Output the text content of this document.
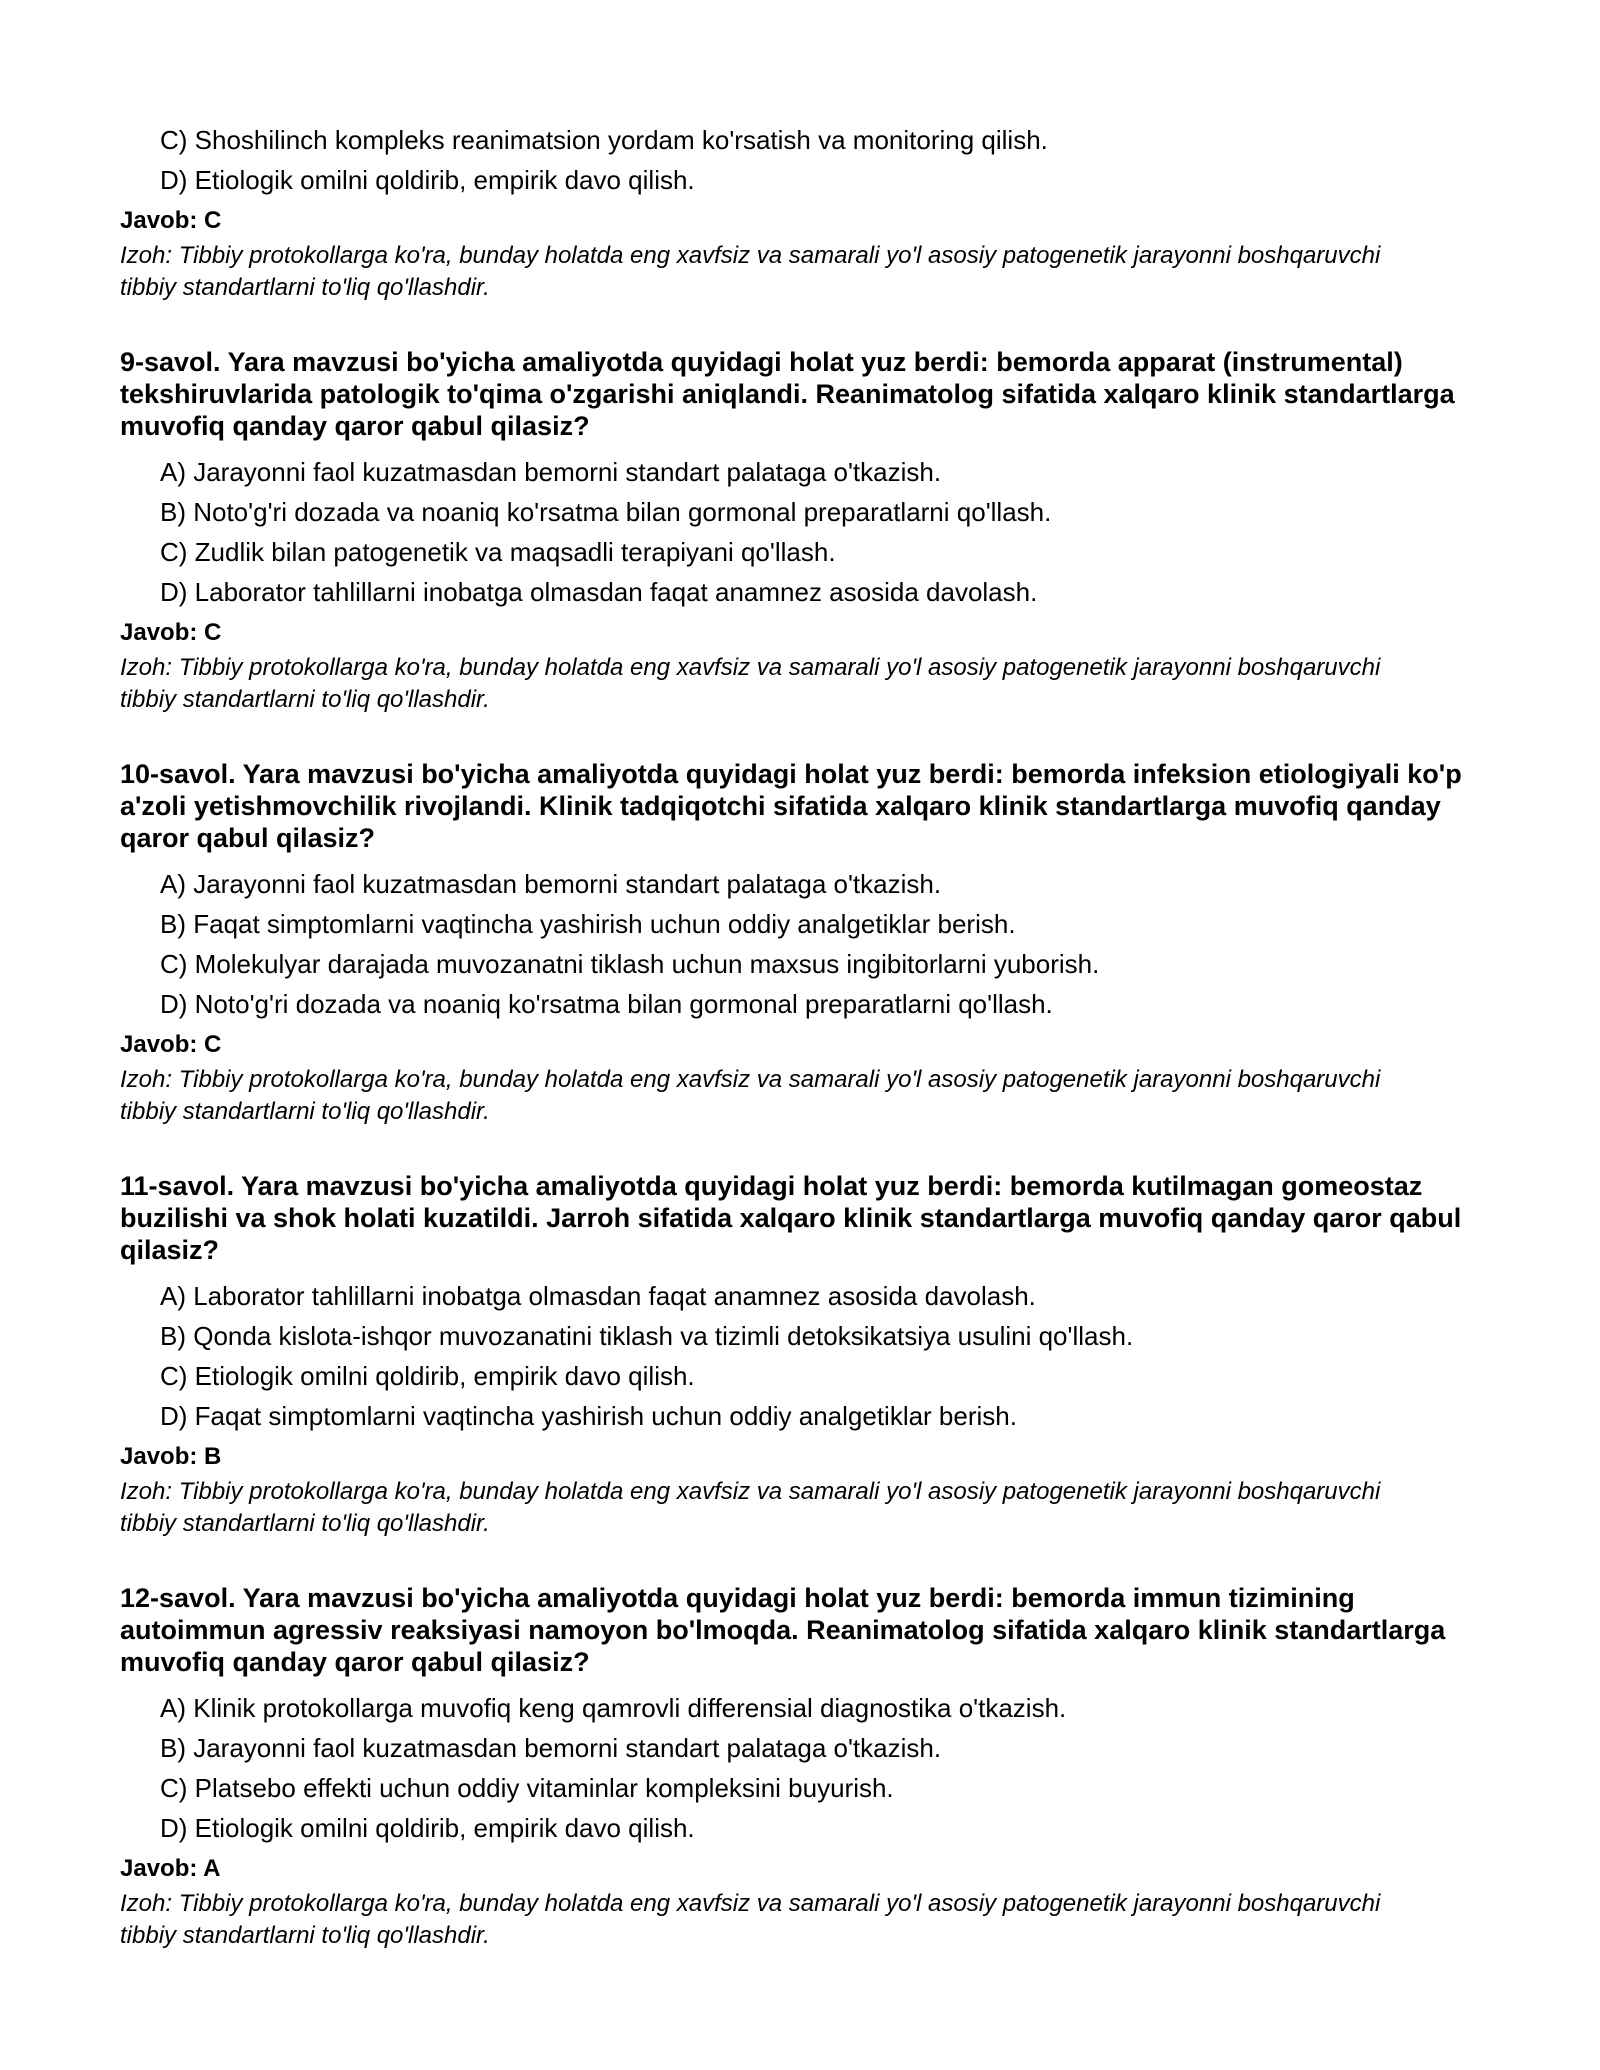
C) Shoshilinch kompleks reanimatsion yordam ko'rsatish va monitoring qilish.
D) Etiologik omilni qoldirib, empirik davo qilish.
Javob: C
Izoh: Tibbiy protokollarga ko'ra, bunday holatda eng xavfsiz va samarali yo'l asosiy patogenetik jarayonni boshqaruvchi tibbiy standartlarni to'liq qo'llashdir.
9-savol. Yara mavzusi bo'yicha amaliyotda quyidagi holat yuz berdi: bemorda apparat (instrumental) tekshiruvlarida patologik to'qima o'zgarishi aniqlandi. Reanimatolog sifatida xalqaro klinik standartlarga muvofiq qanday qaror qabul qilasiz?
A) Jarayonni faol kuzatmasdan bemorni standart palataga o'tkazish.
B) Noto'g'ri dozada va noaniq ko'rsatma bilan gormonal preparatlarni qo'llash.
C) Zudlik bilan patogenetik va maqsadli terapiyani qo'llash.
D) Laborator tahlillarni inobatga olmasdan faqat anamnez asosida davolash.
Javob: C
Izoh: Tibbiy protokollarga ko'ra, bunday holatda eng xavfsiz va samarali yo'l asosiy patogenetik jarayonni boshqaruvchi tibbiy standartlarni to'liq qo'llashdir.
10-savol. Yara mavzusi bo'yicha amaliyotda quyidagi holat yuz berdi: bemorda infeksion etiologiyali ko'p a'zoli yetishmovchilik rivojlandi. Klinik tadqiqotchi sifatida xalqaro klinik standartlarga muvofiq qanday qaror qabul qilasiz?
A) Jarayonni faol kuzatmasdan bemorni standart palataga o'tkazish.
B) Faqat simptomlarni vaqtincha yashirish uchun oddiy analgetiklar berish.
C) Molekulyar darajada muvozanatni tiklash uchun maxsus ingibitorlarni yuborish.
D) Noto'g'ri dozada va noaniq ko'rsatma bilan gormonal preparatlarni qo'llash.
Javob: C
Izoh: Tibbiy protokollarga ko'ra, bunday holatda eng xavfsiz va samarali yo'l asosiy patogenetik jarayonni boshqaruvchi tibbiy standartlarni to'liq qo'llashdir.
11-savol. Yara mavzusi bo'yicha amaliyotda quyidagi holat yuz berdi: bemorda kutilmagan gomeostaz buzilishi va shok holati kuzatildi. Jarroh sifatida xalqaro klinik standartlarga muvofiq qanday qaror qabul qilasiz?
A) Laborator tahlillarni inobatga olmasdan faqat anamnez asosida davolash.
B) Qonda kislota-ishqor muvozanatini tiklash va tizimli detoksikatsiya usulini qo'llash.
C) Etiologik omilni qoldirib, empirik davo qilish.
D) Faqat simptomlarni vaqtincha yashirish uchun oddiy analgetiklar berish.
Javob: B
Izoh: Tibbiy protokollarga ko'ra, bunday holatda eng xavfsiz va samarali yo'l asosiy patogenetik jarayonni boshqaruvchi tibbiy standartlarni to'liq qo'llashdir.
12-savol. Yara mavzusi bo'yicha amaliyotda quyidagi holat yuz berdi: bemorda immun tizimining autoimmun agressiv reaksiyasi namoyon bo'lmoqda. Reanimatolog sifatida xalqaro klinik standartlarga muvofiq qanday qaror qabul qilasiz?
A) Klinik protokollarga muvofiq keng qamrovli differensial diagnostika o'tkazish.
B) Jarayonni faol kuzatmasdan bemorni standart palataga o'tkazish.
C) Platsebo effekti uchun oddiy vitaminlar kompleksini buyurish.
D) Etiologik omilni qoldirib, empirik davo qilish.
Javob: A
Izoh: Tibbiy protokollarga ko'ra, bunday holatda eng xavfsiz va samarali yo'l asosiy patogenetik jarayonni boshqaruvchi tibbiy standartlarni to'liq qo'llashdir.
